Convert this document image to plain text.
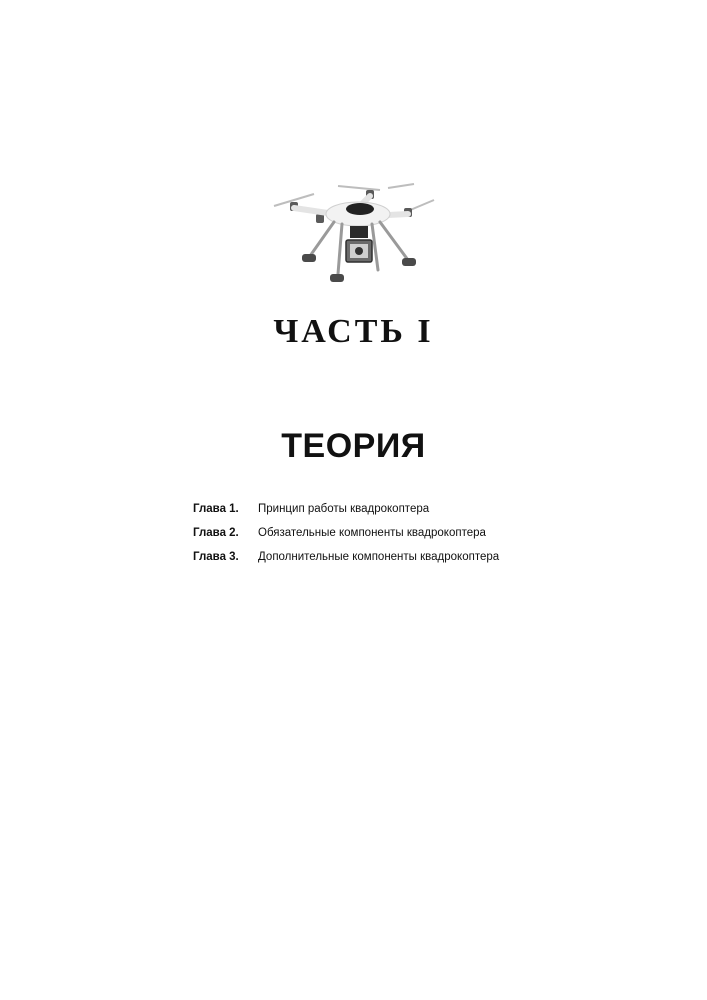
ЧАСТЬ I
ТЕОРИЯ
Глава 1.	Принцип работы квадрокоптера
Глава 2.	Обязательные компоненты квадрокоптера
Глава 3.	Дополнительные компоненты квадрокоптера
